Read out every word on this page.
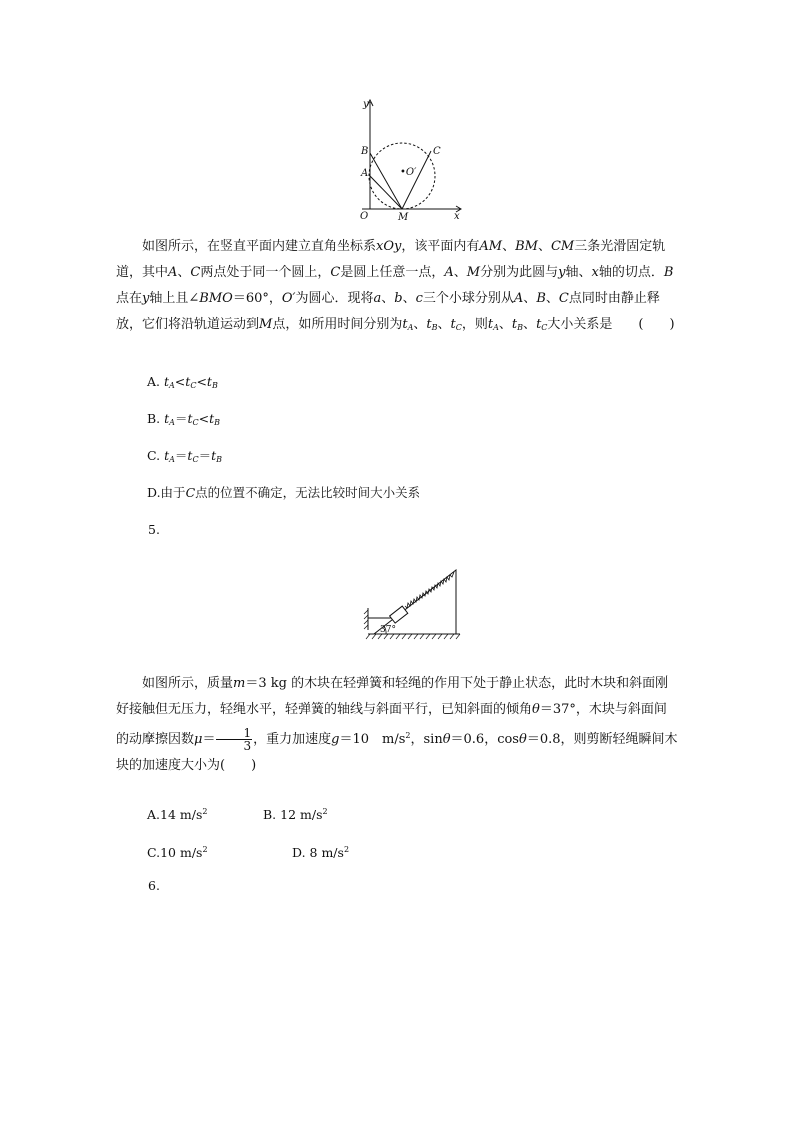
y
x
O
B
A
C
M
•O′

如图所示，在竖直平面内建立直角坐标系xOy，该平面内有AM、BM、CM三条光滑固定轨道，其中A、C两点处于同一个圆上，C是圆上任意一点，A、M分别为此圆与y轴、x轴的切点．B点在y轴上且∠BMO＝60°，O′为圆心．现将a、b、c三个小球分别从A、B、C点同时由静止释放，它们将沿轨道运动到M点，如所用时间分别为$t_A$、$t_B$、$t_C$，则$t_A$、$t_B$、$t_C$大小关系是　　(　　)

A. $t_A<t_C<t_B$
B. $t_A=t_C<t_B$
C. $t_A=t_C=t_B$
D.由于C点的位置不确定，无法比较时间大小关系
5.
37°

如图所示，质量m＝3 kg 的木块在轻弹簧和轻绳的作用下处于静止状态，此时木块和斜面刚好接触但无压力，轻绳水平，轻弹簧的轴线与斜面平行，已知斜面的倾角θ＝37°，木块与斜面间的动摩擦因数$\mu= \frac{1}{3}$ ，重力加速度g＝10　$m/s^2$，sinθ＝0.6，cosθ＝0.8，则剪断轻绳瞬间木块的加速度大小为(　　)

A.14 $m/s^2$	B. 12 $m/s^2$
C.10 $m/s^2$	D. 8 $m/s^2$
6.
